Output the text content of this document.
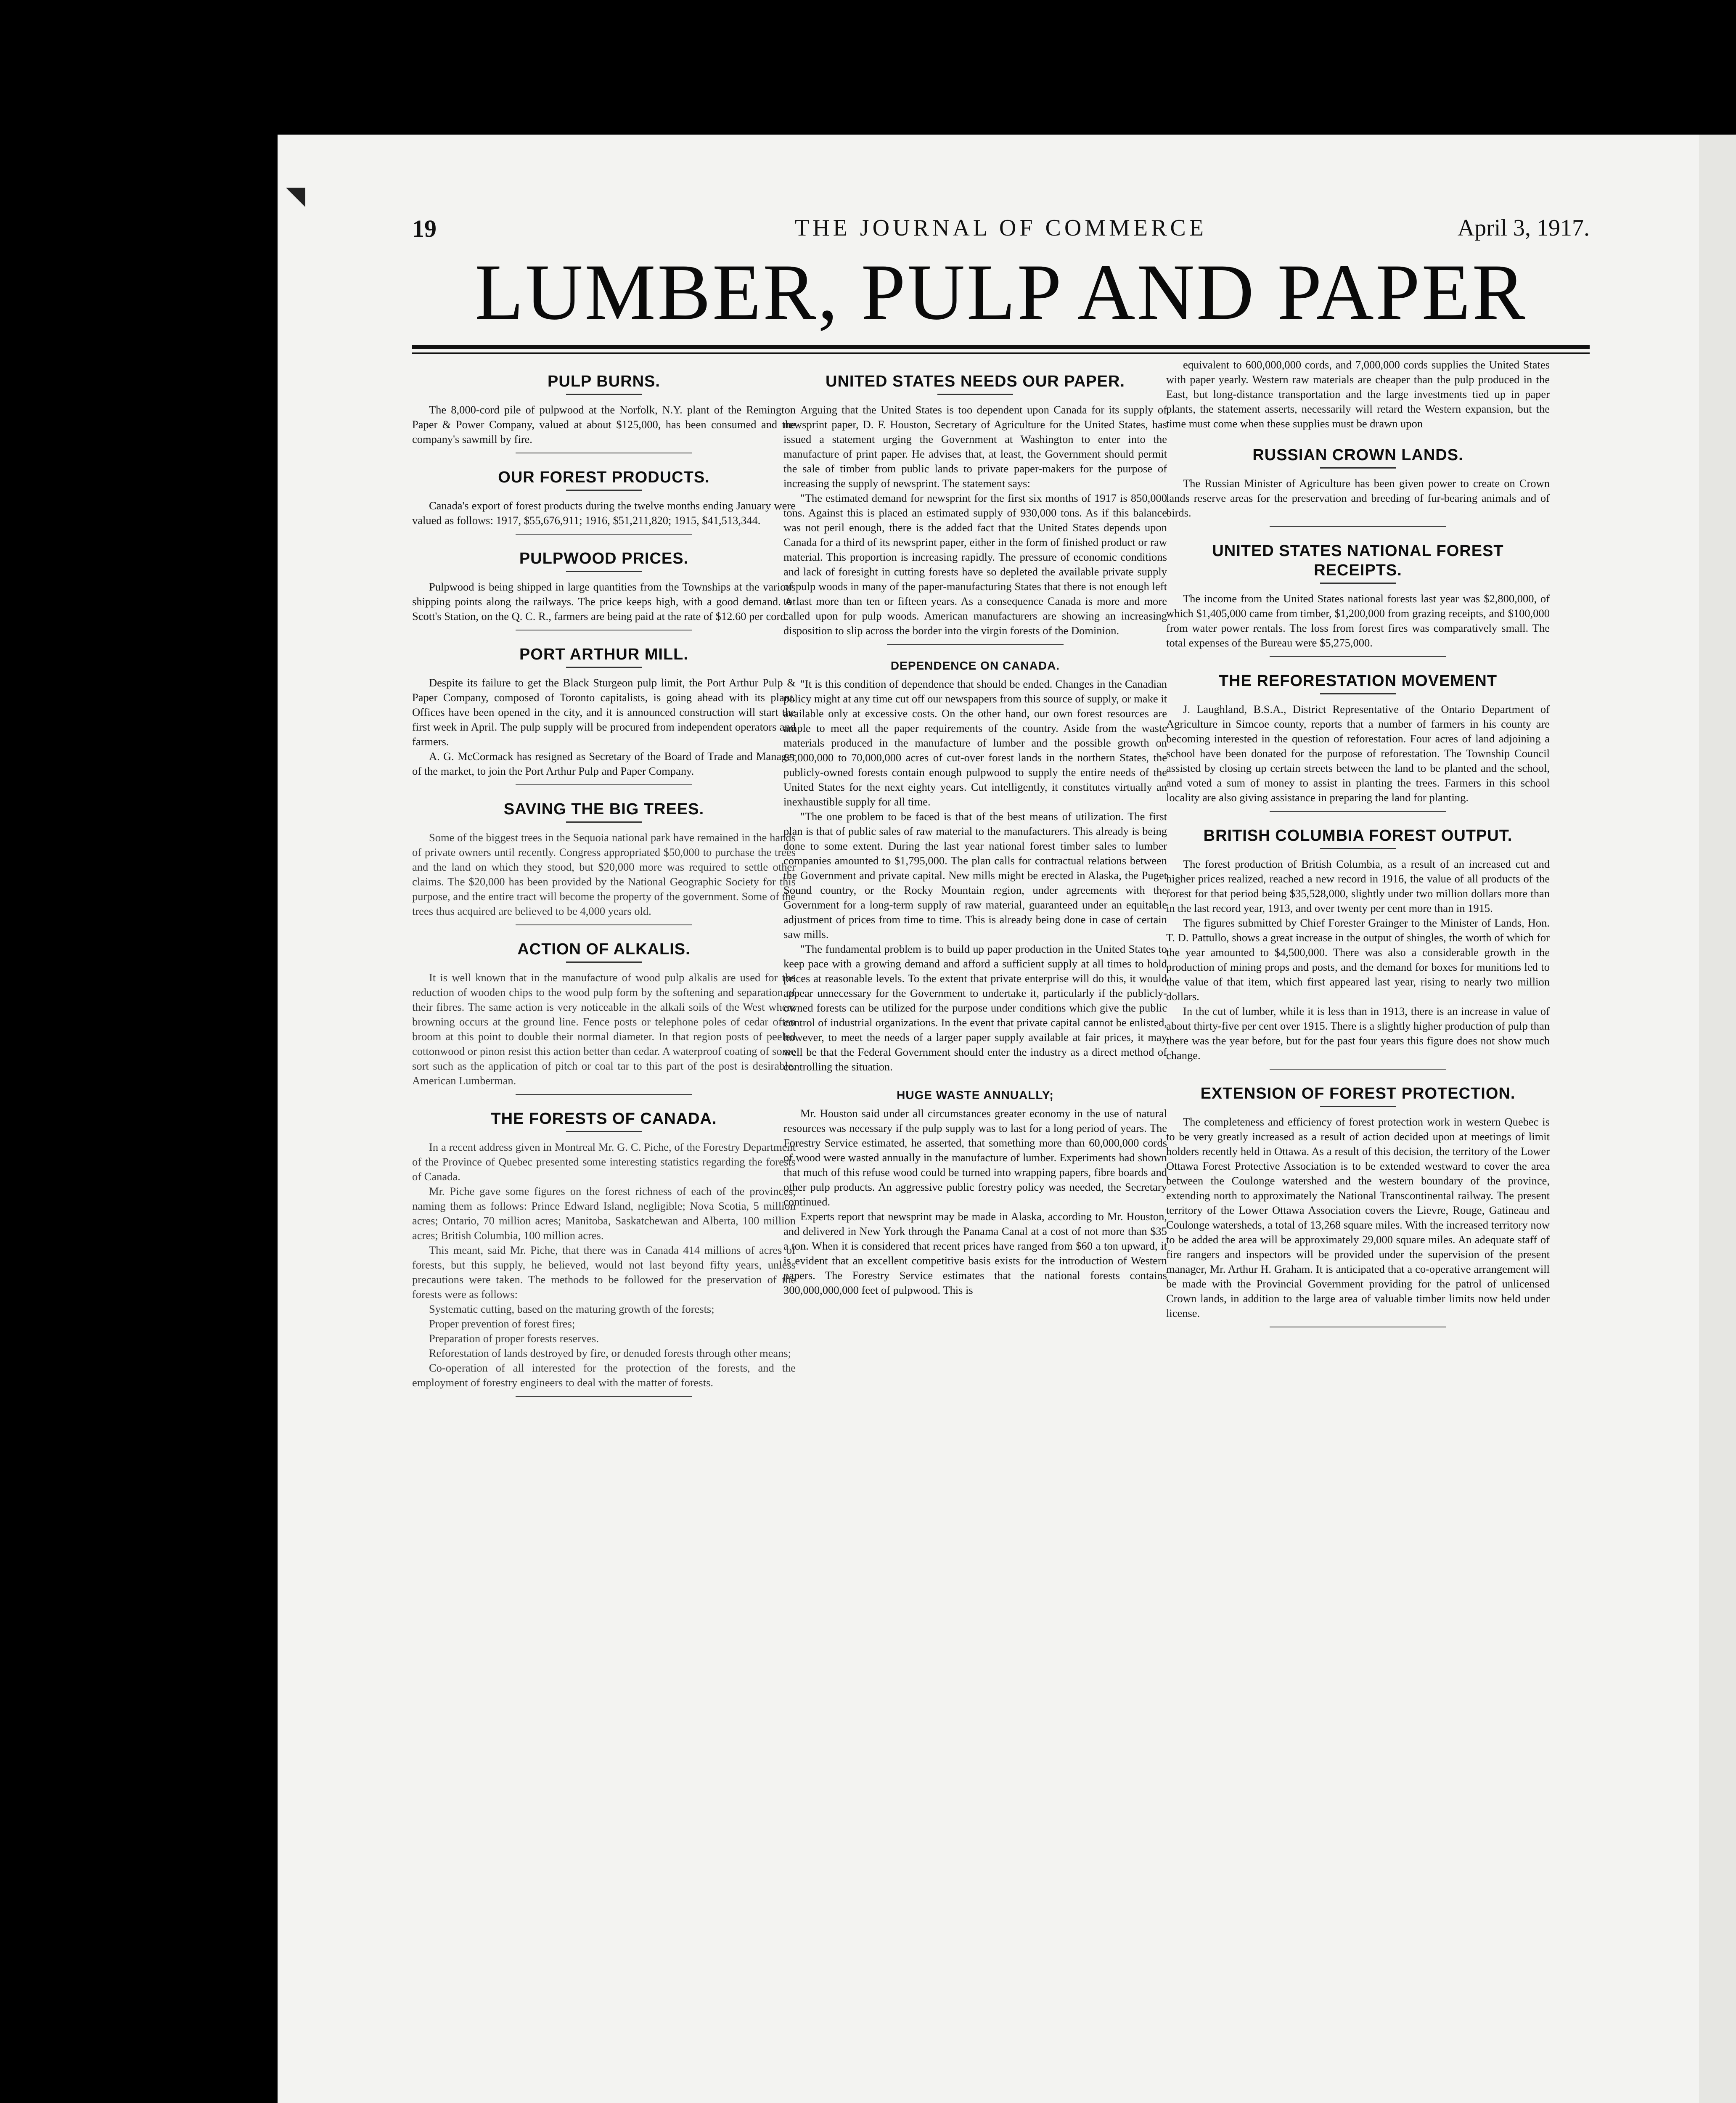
◥
19	THE JOURNAL OF COMMERCE	April 3, 1917.
LUMBER, PULP AND PAPER
PULP BURNS.

The 8,000-cord pile of pulpwood at the Norfolk, N.Y. plant of the Remington Paper & Power Company, valued at about $125,000, has been consumed and the company's sawmill by fire.

OUR FOREST PRODUCTS.

Canada's export of forest products during the twelve months ending January were valued as follows: 1917, $55,676,911; 1916, $51,211,820; 1915, $41,513,344.

PULPWOOD PRICES.

Pulpwood is being shipped in large quantities from the Townships at the various shipping points along the railways. The price keeps high, with a good demand. At Scott's Station, on the Q. C. R., farmers are being paid at the rate of $12.60 per cord.

PORT ARTHUR MILL.

Despite its failure to get the Black Sturgeon pulp limit, the Port Arthur Pulp & Paper Company, composed of Toronto capitalists, is going ahead with its plant. Offices have been opened in the city, and it is announced construction will start the first week in April. The pulp supply will be procured from independent operators and farmers.

A. G. McCormack has resigned as Secretary of the Board of Trade and Manager of the market, to join the Port Arthur Pulp and Paper Company.

SAVING THE BIG TREES.

Some of the biggest trees in the Sequoia national park have remained in the hands of private owners until recently. Congress appropriated $50,000 to purchase the trees and the land on which they stood, but $20,000 more was required to settle other claims. The $20,000 has been provided by the National Geographic Society for this purpose, and the entire tract will become the property of the government. Some of the trees thus acquired are believed to be 4,000 years old.

ACTION OF ALKALIS.

It is well known that in the manufacture of wood pulp alkalis are used for the reduction of wooden chips to the wood pulp form by the softening and separation of their fibres. The same action is very noticeable in the alkali soils of the West where browning occurs at the ground line. Fence posts or telephone poles of cedar often broom at this point to double their normal diameter. In that region posts of peeled cottonwood or pinon resist this action better than cedar. A waterproof coating of some sort such as the application of pitch or coal tar to this part of the post is desirable. American Lumberman.

THE FORESTS OF CANADA.

In a recent address given in Montreal Mr. G. C. Piche, of the Forestry Department of the Province of Quebec presented some interesting statistics regarding the forests of Canada.

Mr. Piche gave some figures on the forest richness of each of the provinces, naming them as follows: Prince Edward Island, negligible; Nova Scotia, 5 million acres; Ontario, 70 million acres; Manitoba, Saskatchewan and Alberta, 100 million acres; British Columbia, 100 million acres.

This meant, said Mr. Piche, that there was in Canada 414 millions of acres of forests, but this supply, he believed, would not last beyond fifty years, unless precautions were taken. The methods to be followed for the preservation of the forests were as follows:

Systematic cutting, based on the maturing growth of the forests;

Proper prevention of forest fires;

Preparation of proper forests reserves.

Reforestation of lands destroyed by fire, or denuded forests through other means;

Co-operation of all interested for the protection of the forests, and the employment of forestry engineers to deal with the matter of forests.

UNITED STATES NEEDS OUR PAPER.

Arguing that the United States is too dependent upon Canada for its supply of newsprint paper, D. F. Houston, Secretary of Agriculture for the United States, has issued a statement urging the Government at Washington to enter into the manufacture of print paper. He advises that, at least, the Government should permit the sale of timber from public lands to private paper-makers for the purpose of increasing the supply of newsprint. The statement says:

"The estimated demand for newsprint for the first six months of 1917 is 850,000 tons. Against this is placed an estimated supply of 930,000 tons. As if this balance was not peril enough, there is the added fact that the United States depends upon Canada for a third of its newsprint paper, either in the form of finished product or raw material. This proportion is increasing rapidly. The pressure of economic conditions and lack of foresight in cutting forests have so depleted the available private supply of pulp woods in many of the paper-manufacturing States that there is not enough left to last more than ten or fifteen years. As a consequence Canada is more and more called upon for pulp woods. American manufacturers are showing an increasing disposition to slip across the border into the virgin forests of the Dominion.

DEPENDENCE ON CANADA.

"It is this condition of dependence that should be ended. Changes in the Canadian policy might at any time cut off our newspapers from this source of supply, or make it available only at excessive costs. On the other hand, our own forest resources are ample to meet all the paper requirements of the country. Aside from the waste materials produced in the manufacture of lumber and the possible growth on 65,000,000 to 70,000,000 acres of cut-over forest lands in the northern States, the publicly-owned forests contain enough pulpwood to supply the entire needs of the United States for the next eighty years. Cut intelligently, it constitutes virtually an inexhaustible supply for all time.

"The one problem to be faced is that of the best means of utilization. The first plan is that of public sales of raw material to the manufacturers. This already is being done to some extent. During the last year national forest timber sales to lumber companies amounted to $1,795,000. The plan calls for contractual relations between the Government and private capital. New mills might be erected in Alaska, the Puget Sound country, or the Rocky Mountain region, under agreements with the Government for a long-term supply of raw material, guaranteed under an equitable adjustment of prices from time to time. This is already being done in case of certain saw mills.

"The fundamental problem is to build up paper production in the United States to keep pace with a growing demand and afford a sufficient supply at all times to hold prices at reasonable levels. To the extent that private enterprise will do this, it would appear unnecessary for the Government to undertake it, particularly if the publicly-owned forests can be utilized for the purpose under conditions which give the public control of industrial organizations. In the event that private capital cannot be enlisted, however, to meet the needs of a larger paper supply available at fair prices, it may well be that the Federal Government should enter the industry as a direct method of controlling the situation.

HUGE WASTE ANNUALLY;

Mr. Houston said under all circumstances greater economy in the use of natural resources was necessary if the pulp supply was to last for a long period of years. The Forestry Service estimated, he asserted, that something more than 60,000,000 cords of wood were wasted annually in the manufacture of lumber. Experiments had shown that much of this refuse wood could be turned into wrapping papers, fibre boards and other pulp products. An aggressive public forestry policy was needed, the Secretary continued.

Experts report that newsprint may be made in Alaska, according to Mr. Houston, and delivered in New York through the Panama Canal at a cost of not more than $35 a ton. When it is considered that recent prices have ranged from $60 a ton upward, it is evident that an excellent competitive basis exists for the introduction of Western papers. The Forestry Service estimates that the national forests contains 300,000,000,000 feet of pulpwood. This is

equivalent to 600,000,000 cords, and 7,000,000 cords supplies the United States with paper yearly. Western raw materials are cheaper than the pulp produced in the East, but long-distance transportation and the large investments tied up in paper plants, the statement asserts, necessarily will retard the Western expansion, but the time must come when these supplies must be drawn upon

RUSSIAN CROWN LANDS.

The Russian Minister of Agriculture has been given power to create on Crown lands reserve areas for the preservation and breeding of fur-bearing animals and of birds.

UNITED STATES NATIONAL FOREST RECEIPTS.

The income from the United States national forests last year was $2,800,000, of which $1,405,000 came from timber, $1,200,000 from grazing receipts, and $100,000 from water power rentals. The loss from forest fires was comparatively small. The total expenses of the Bureau were $5,275,000.

THE REFORESTATION MOVEMENT

J. Laughland, B.S.A., District Representative of the Ontario Department of Agriculture in Simcoe county, reports that a number of farmers in his county are becoming interested in the question of reforestation. Four acres of land adjoining a school have been donated for the purpose of reforestation. The Township Council assisted by closing up certain streets between the land to be planted and the school, and voted a sum of money to assist in planting the trees. Farmers in this school locality are also giving assistance in preparing the land for planting.

BRITISH COLUMBIA FOREST OUTPUT.

The forest production of British Columbia, as a result of an increased cut and higher prices realized, reached a new record in 1916, the value of all products of the forest for that period being $35,528,000, slightly under two million dollars more than in the last record year, 1913, and over twenty per cent more than in 1915.

The figures submitted by Chief Forester Grainger to the Minister of Lands, Hon. T. D. Pattullo, shows a great increase in the output of shingles, the worth of which for the year amounted to $4,500,000. There was also a considerable growth in the production of mining props and posts, and the demand for boxes for munitions led to the value of that item, which first appeared last year, rising to nearly two million dollars.

In the cut of lumber, while it is less than in 1913, there is an increase in value of about thirty-five per cent over 1915. There is a slightly higher production of pulp than there was the year before, but for the past four years this figure does not show much change.

EXTENSION OF FOREST PROTECTION.

The completeness and efficiency of forest protection work in western Quebec is to be very greatly increased as a result of action decided upon at meetings of limit holders recently held in Ottawa. As a result of this decision, the territory of the Lower Ottawa Forest Protective Association is to be extended westward to cover the area between the Coulonge watershed and the western boundary of the province, extending north to approximately the National Transcontinental railway. The present territory of the Lower Ottawa Association covers the Lievre, Rouge, Gatineau and Coulonge watersheds, a total of 13,268 square miles. With the increased territory now to be added the area will be approximately 29,000 square miles. An adequate staff of fire rangers and inspectors will be provided under the supervision of the present manager, Mr. Arthur H. Graham. It is anticipated that a co-operative arrangement will be made with the Provincial Government providing for the patrol of unlicensed Crown lands, in addition to the large area of valuable timber limits now held under license.
